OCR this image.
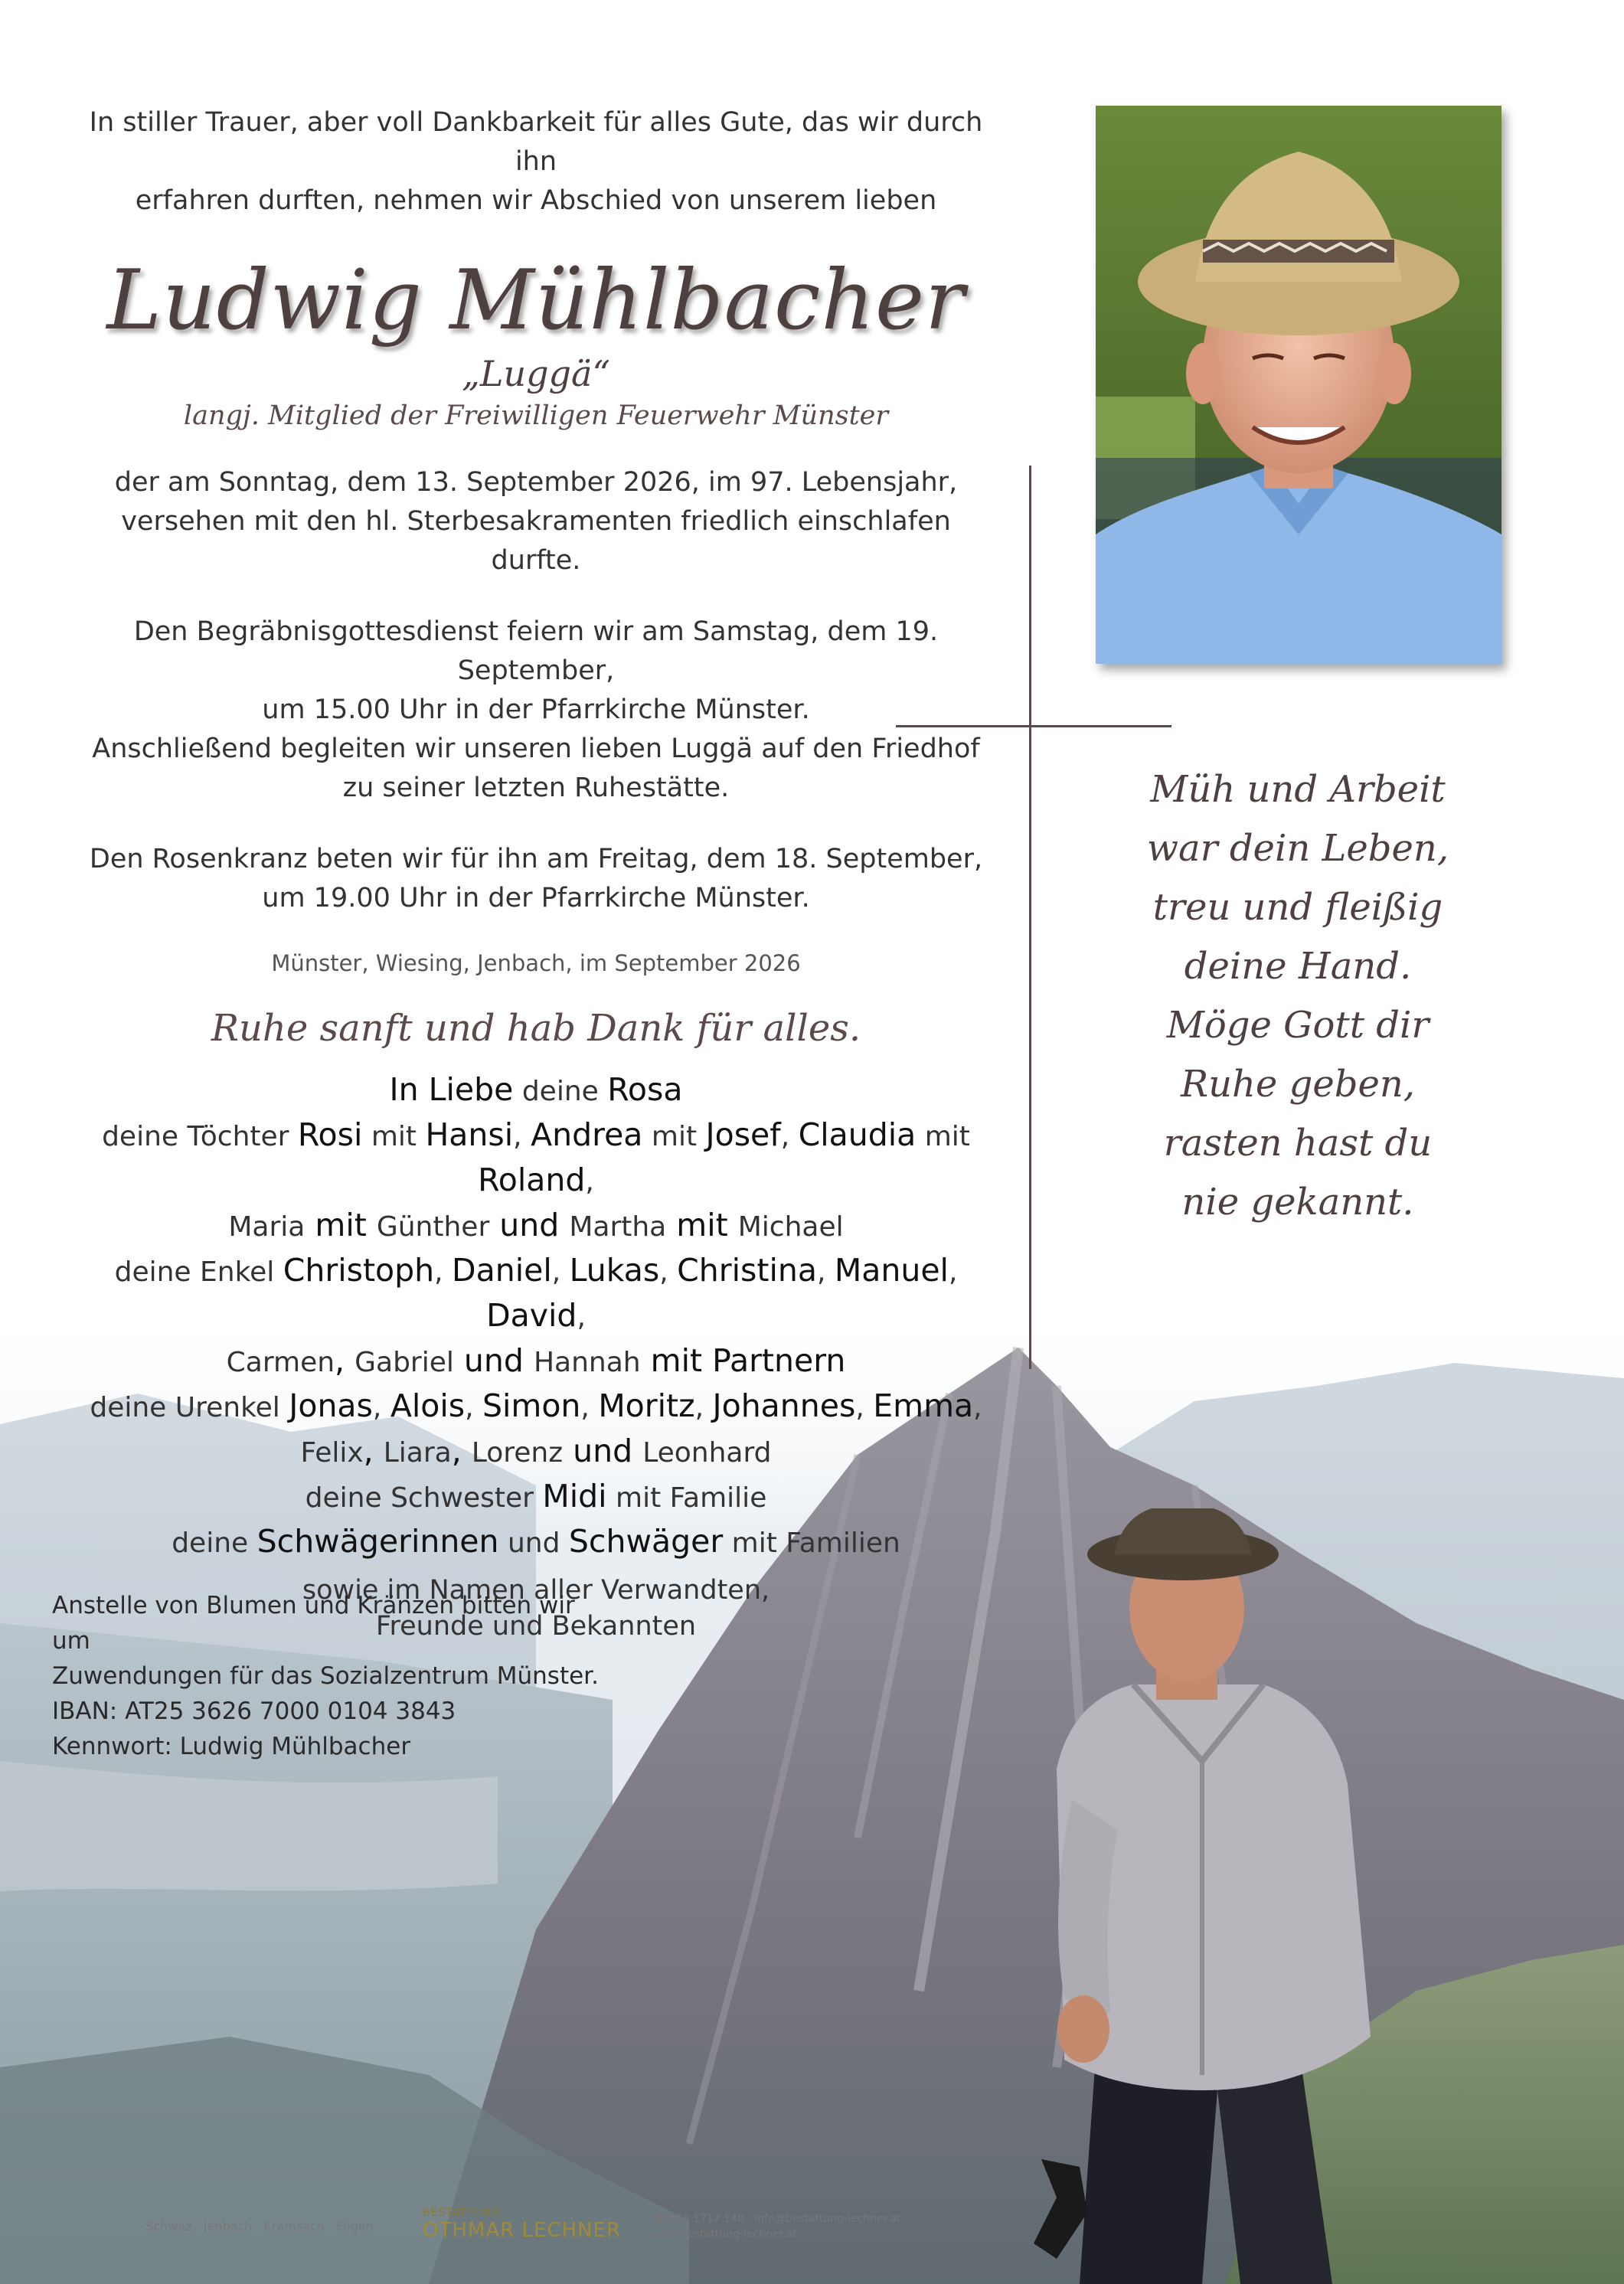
In stiller Trauer, aber voll Dankbarkeit für alles Gute, das wir durch ihn
erfahren durften, nehmen wir Abschied von unserem lieben
Ludwig Mühlbacher
„Luggä“
langj. Mitglied der Freiwilligen Feuerwehr Münster
der am Sonntag, dem 13. September 2026, im 97. Lebensjahr,
versehen mit den hl. Sterbesakramenten friedlich einschlafen durfte.
Den Begräbnisgottesdienst feiern wir am Samstag, dem 19. September,
um 15.00 Uhr in der Pfarrkirche Münster.
Anschließend begleiten wir unseren lieben Luggä auf den Friedhof
zu seiner letzten Ruhestätte.
Den Rosenkranz beten wir für ihn am Freitag, dem 18. September,
um 19.00 Uhr in der Pfarrkirche Münster.
Münster, Wiesing, Jenbach, im September 2026
Ruhe sanft und hab Dank für alles.
In Liebe deine Rosa
deine Töchter Rosi mit Hansi, Andrea mit Josef, Claudia mit Roland,
Maria mit Günther und Martha mit Michael
deine Enkel Christoph, Daniel, Lukas, Christina, Manuel, David,
Carmen, Gabriel und Hannah mit Partnern
deine Urenkel Jonas, Alois, Simon, Moritz, Johannes, Emma,
Felix, Liara, Lorenz und Leonhard
deine Schwester Midi mit Familie
deine Schwägerinnen und Schwäger mit Familien
sowie im Namen aller Verwandten,
Freunde und Bekannten
Müh und Arbeit
war dein Leben,
treu und fleißig
deine Hand.
Möge Gott dir
Ruhe geben,
rasten hast du
nie gekannt.
Anstelle von Blumen und Kränzen bitten wir um
Zuwendungen für das Sozialzentrum Münster.
IBAN: AT25 3626 7000 0104 3843
Kennwort: Ludwig Mühlbacher
Schwaz · Jenbach · Kramsach · Fügen
BESTATTUNG
OTHMAR LECHNER	☎ 050 1717 140 · info@bestattung-lechner.at
www.bestattung-lechner.at
